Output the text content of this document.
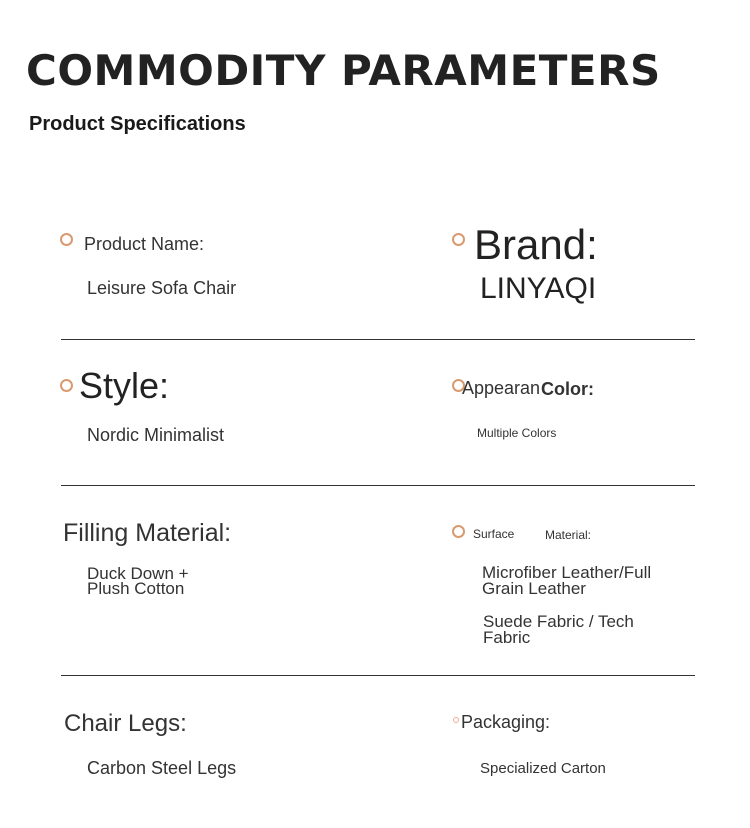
COMMODITY PARAMETERS
Product Specifications
Product Name:
Leisure Sofa Chair
Brand:
LINYAQI
Style:
Nordic Minimalist
Appearan Color:
Multiple Colors
Filling Material:
Duck Down +
Plush Cotton
Surface	Material:
Microfiber Leather/Full
Grain Leather
Suede Fabric / Tech
Fabric
Chair Legs:
Carbon Steel Legs
Packaging:
Specialized Carton
